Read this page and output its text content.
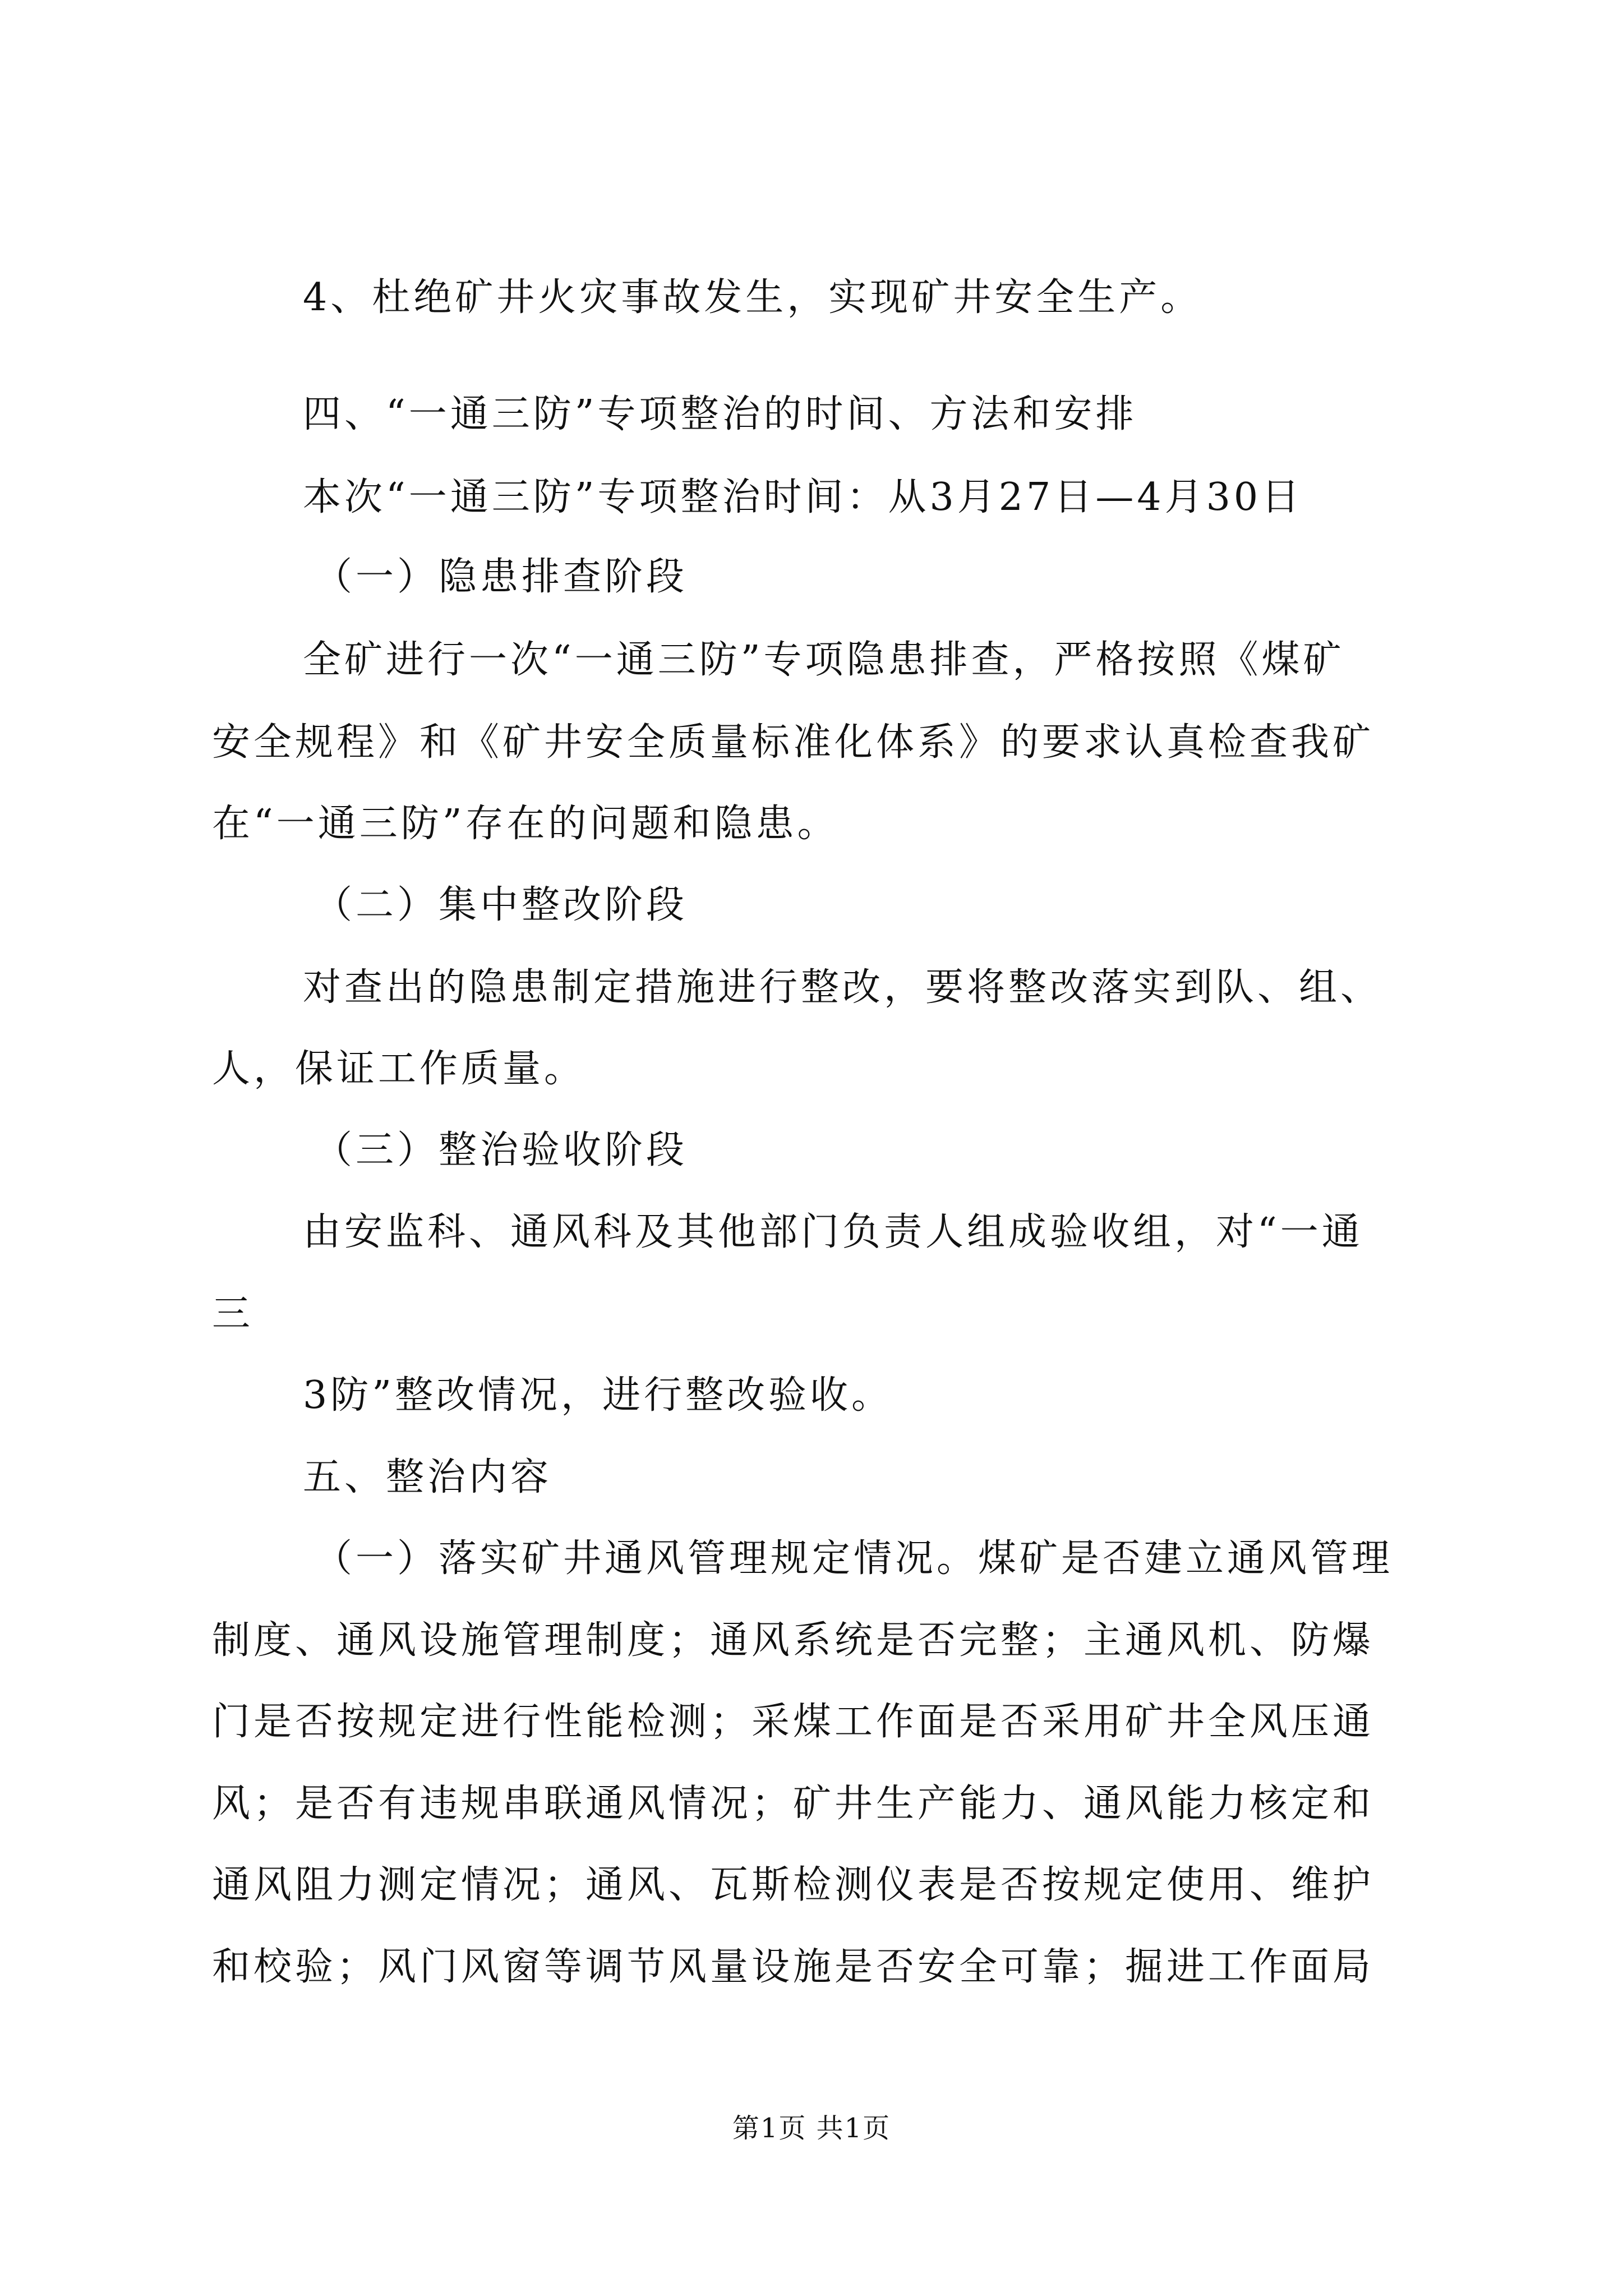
4、杜绝矿井火灾事故发生，实现矿井安全生产。
四、“一通三防”专项整治的时间、方法和安排
本次“一通三防”专项整治时间：从3月27日—4月30日
（一）隐患排查阶段
全矿进行一次“一通三防”专项隐患排查，严格按照《煤矿
安全规程》和《矿井安全质量标准化体系》的要求认真检查我矿
在“一通三防”存在的问题和隐患。
（二）集中整改阶段
对查出的隐患制定措施进行整改，要将整改落实到队、组、
人，保证工作质量。
（三）整治验收阶段
由安监科、通风科及其他部门负责人组成验收组，对“一通
三
3防”整改情况，进行整改验收。
五、整治内容
（一）落实矿井通风管理规定情况。煤矿是否建立通风管理
制度、通风设施管理制度；通风系统是否完整；主通风机、防爆
门是否按规定进行性能检测；采煤工作面是否采用矿井全风压通
风；是否有违规串联通风情况；矿井生产能力、通风能力核定和
通风阻力测定情况；通风、瓦斯检测仪表是否按规定使用、维护
和校验；风门风窗等调节风量设施是否安全可靠；掘进工作面局
第1页 共1页
